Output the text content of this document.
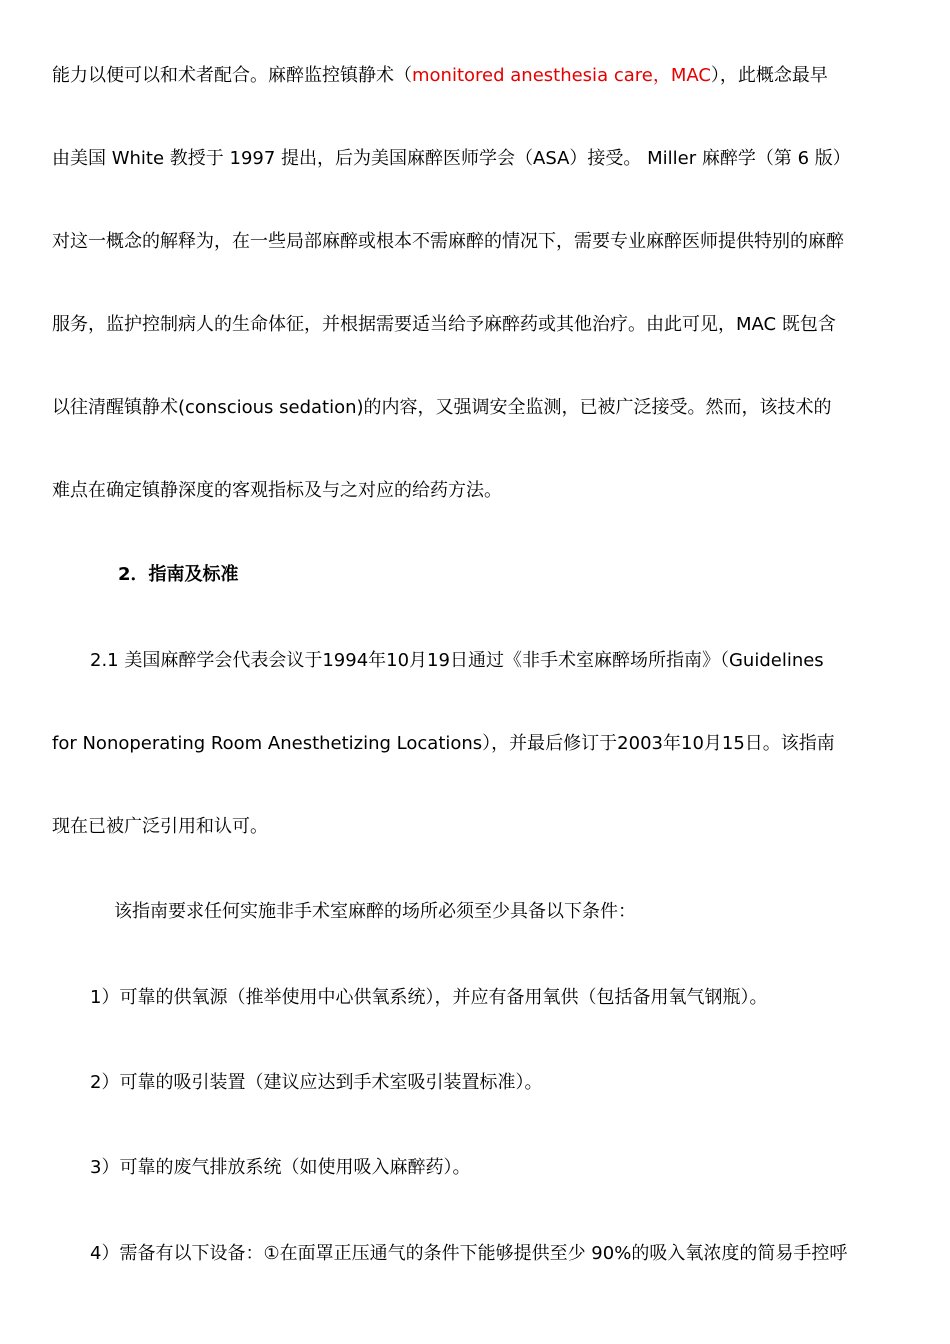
能力以便可以和术者配合。麻醉监控镇静术（monitored anesthesia care，MAC），此概念最早
由美国 White 教授于 1997 提出，后为美国麻醉医师学会（ASA）接受。 Miller 麻醉学（第 6 版）
对这一概念的解释为，在一些局部麻醉或根本不需麻醉的情况下，需要专业麻醉医师提供特别的麻醉
服务，监护控制病人的生命体征，并根据需要适当给予麻醉药或其他治疗。由此可见，MAC 既包含
以往清醒镇静术(conscious sedation)的内容，又强调安全监测，已被广泛接受。然而，该技术的
难点在确定镇静深度的客观指标及与之对应的给药方法。
2．指南及标准
2.1 美国麻醉学会代表会议于1994年10月19日通过《非手术室麻醉场所指南》（Guidelines
for Nonoperating Room Anesthetizing Locations），并最后修订于2003年10月15日。该指南
现在已被广泛引用和认可。
该指南要求任何实施非手术室麻醉的场所必须至少具备以下条件：
1）可靠的供氧源（推举使用中心供氧系统），并应有备用氧供（包括备用氧气钢瓶）。
2）可靠的吸引装置（建议应达到手术室吸引装置标准）。
3）可靠的废气排放系统（如使用吸入麻醉药）。
4）需备有以下设备：①在面罩正压通气的条件下能够提供至少 90%的吸入氧浓度的简易手控呼
